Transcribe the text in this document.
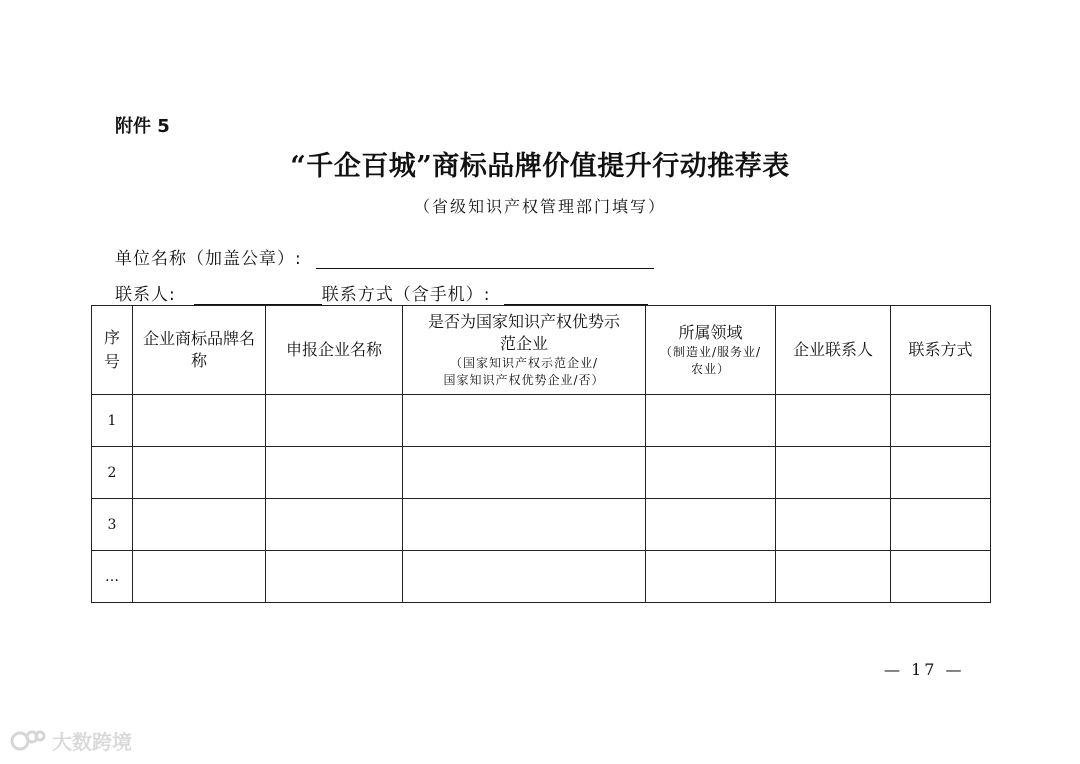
附件 5
“千企百城”商标品牌价值提升行动推荐表
（省级知识产权管理部门填写）
单位名称（加盖公章）:
联系人:	联系方式（含手机）:
序号	企业商标品牌名称	申报企业名称	是否为国家知识产权优势示范企业
（国家知识产权示范企业/
国家知识产权优势企业/否）	所属领域
（制造业/服务业/农业）	企业联系人	联系方式
1						
2						
3						
…						
— 17 —
大数跨境
